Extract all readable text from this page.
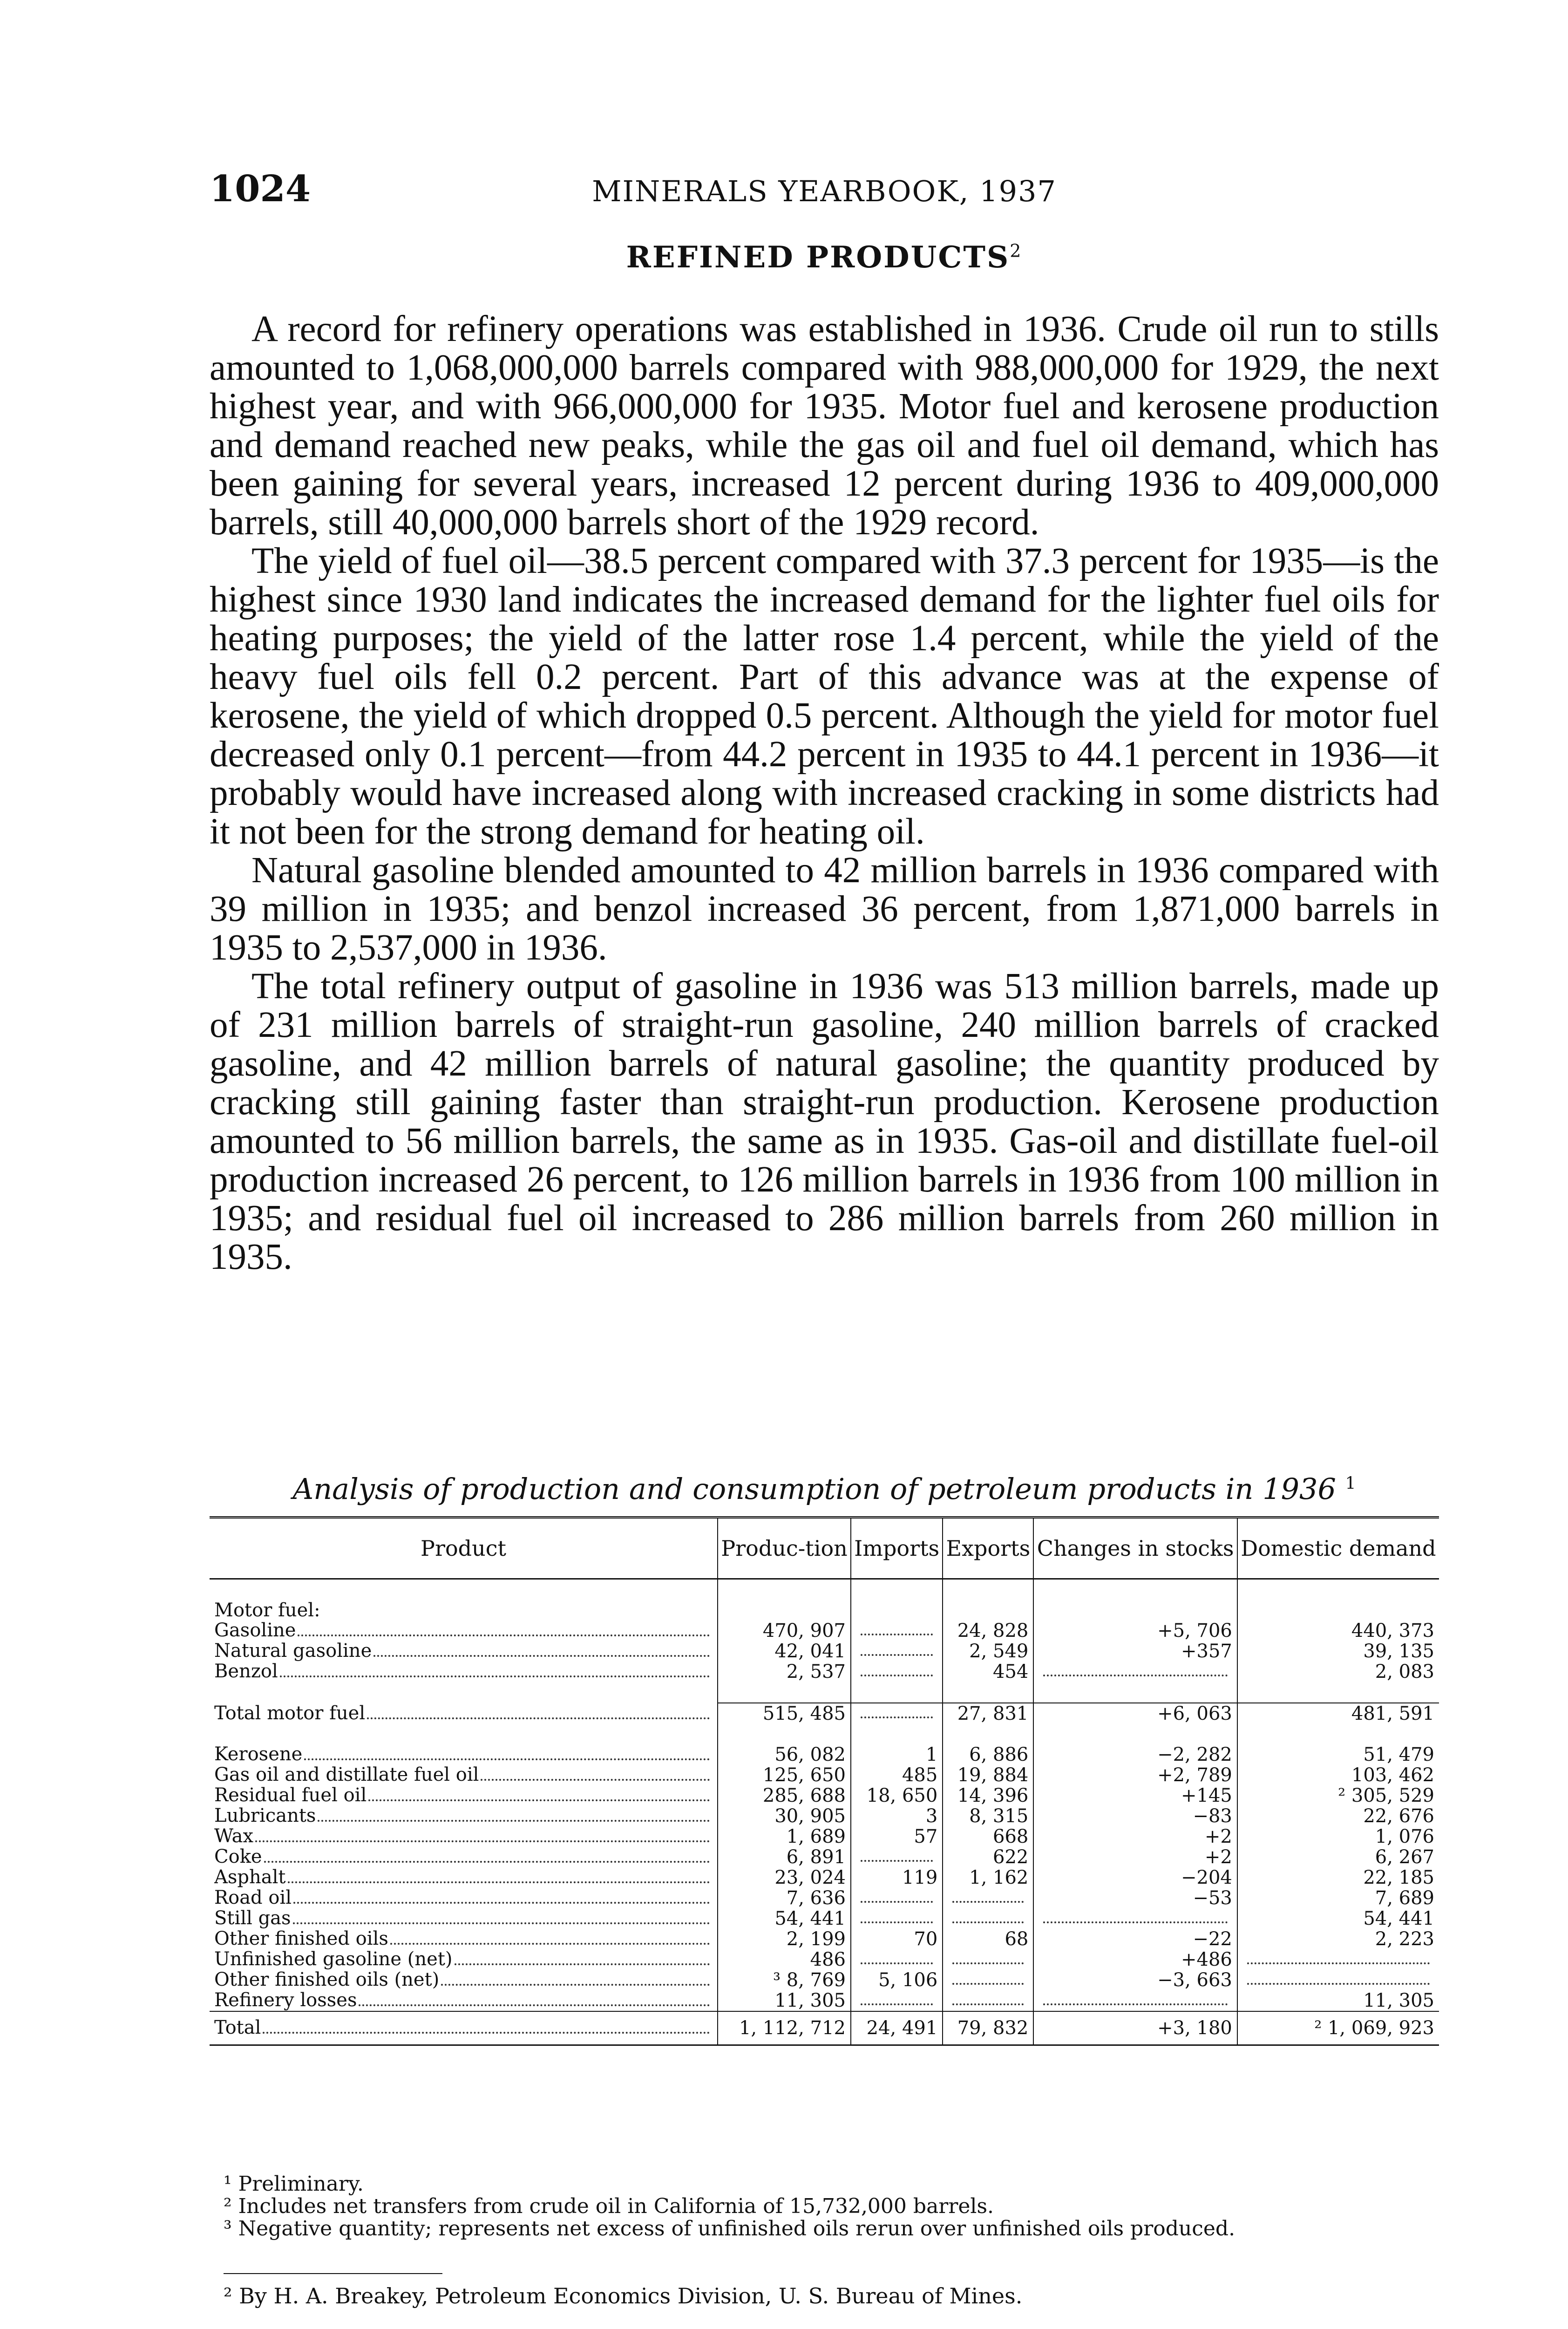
1024	MINERALS YEARBOOK, 1937
REFINED PRODUCTS$^2$

A record for refinery operations was established in 1936. Crude oil run to stills amounted to 1,068,000,000 barrels compared with 988,000,000 for 1929, the next highest year, and with 966,000,000 for 1935. Motor fuel and kerosene production and demand reached new peaks, while the gas oil and fuel oil demand, which has been gaining for several years, increased 12 percent during 1936 to 409,000,000 barrels, still 40,000,000 barrels short of the 1929 record.

The yield of fuel oil—38.5 percent compared with 37.3 percent for 1935—is the highest since 1930 land indicates the increased demand for the lighter fuel oils for heating purposes; the yield of the latter rose 1.4 percent, while the yield of the heavy fuel oils fell 0.2 percent. Part of this advance was at the expense of kerosene, the yield of which dropped 0.5 percent. Although the yield for motor fuel decreased only 0.1 percent—from 44.2 percent in 1935 to 44.1 percent in 1936—it probably would have increased along with increased cracking in some districts had it not been for the strong demand for heating oil.

Natural gasoline blended amounted to 42 million barrels in 1936 compared with 39 million in 1935; and benzol increased 36 percent, from 1,871,000 barrels in 1935 to 2,537,000 in 1936.

The total refinery output of gasoline in 1936 was 513 million barrels, made up of 231 million barrels of straight-run gasoline, 240 million barrels of cracked gasoline, and 42 million barrels of natural gasoline; the quantity produced by cracking still gaining faster than straight-run production. Kerosene production amounted to 56 million barrels, the same as in 1935. Gas-oil and distillate fuel-oil production increased 26 percent, to 126 million barrels in 1936 from 100 million in 1935; and residual fuel oil increased to 286 million barrels from 260 million in 1935.

Analysis of production and consumption of petroleum products in 1936 $^1$
Product	Produc-tion	Imports	Exports	Changes in stocks	Domestic demand

Motor fuel:					

Gasoline	470, 907		24, 828	+5, 706	440, 373

Natural gasoline	42, 041		2, 549	+357	39, 135

Benzol	2, 537		454		2, 083

Total motor fuel	515, 485		27, 831	+6, 063	481, 591

Kerosene	56, 082	1	6, 886	−2, 282	51, 479

Gas oil and distillate fuel oil	125, 650	485	19, 884	+2, 789	103, 462

Residual fuel oil	285, 688	18, 650	14, 396	+145	² 305, 529

Lubricants	30, 905	3	8, 315	−83	22, 676

Wax	1, 689	57	668	+2	1, 076

Coke	6, 891		622	+2	6, 267

Asphalt	23, 024	119	1, 162	−204	22, 185

Road oil	7, 636			−53	7, 689

Still gas	54, 441				54, 441

Other finished oils	2, 199	70	68	−22	2, 223

Unfinished gasoline (net)	486			+486	

Other finished oils (net)	³ 8, 769	5, 106		−3, 663	

Refinery losses	11, 305				11, 305

Total	1, 112, 712	24, 491	79, 832	+3, 180	² 1, 069, 923
¹ Preliminary.
² Includes net transfers from crude oil in California of 15,732,000 barrels.
³ Negative quantity; represents net excess of unfinished oils rerun over unfinished oils produced.
² By H. A. Breakey, Petroleum Economics Division, U. S. Bureau of Mines.
